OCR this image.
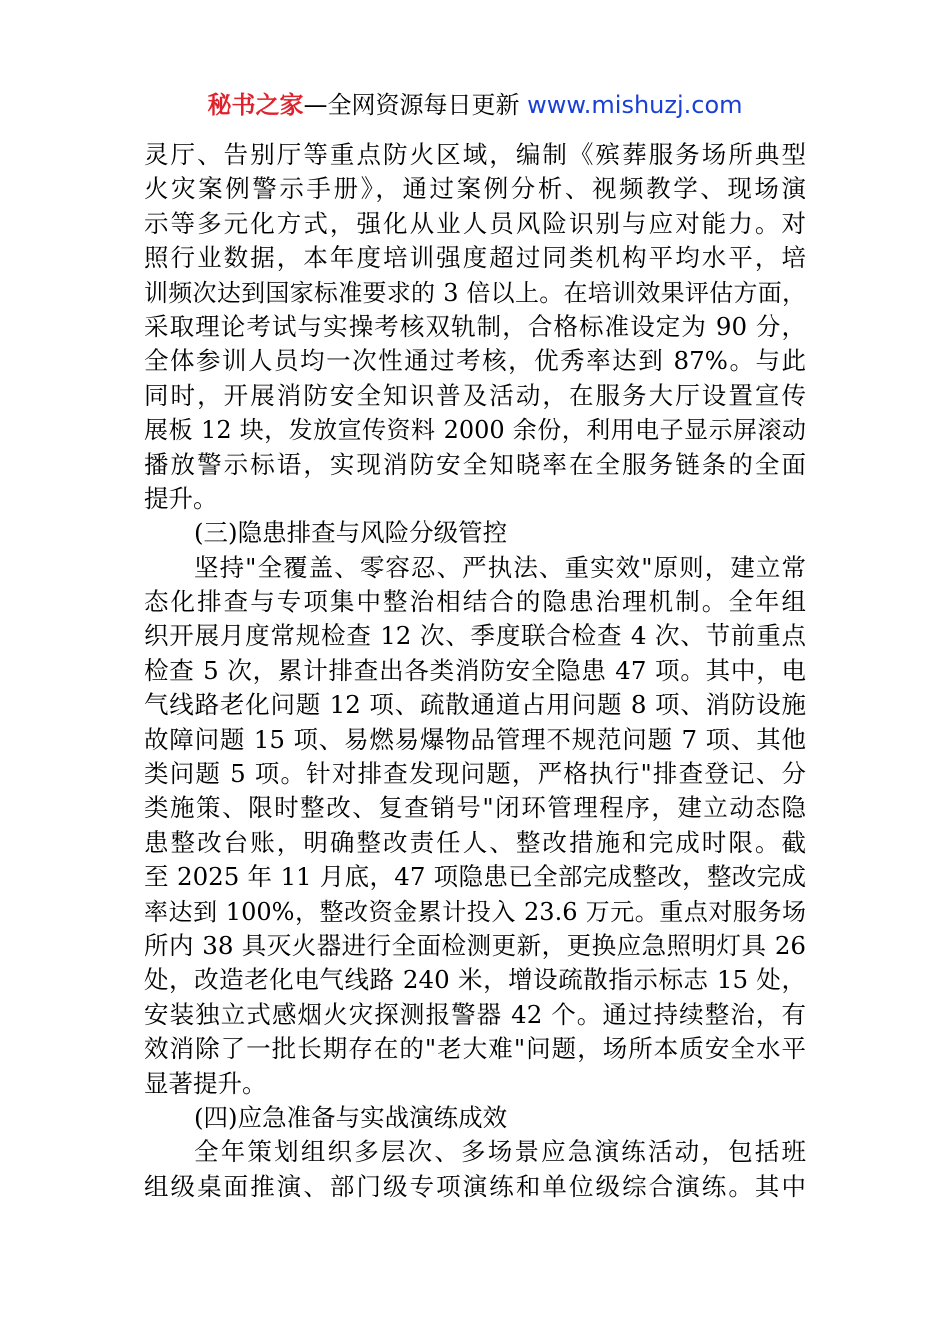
秘书之家—全网资源每日更新 www.mishuzj.com
灵厅、告别厅等重点防火区域，编制《殡葬服务场所典型
火灾案例警示手册》，通过案例分析、视频教学、现场演
示等多元化方式，强化从业人员风险识别与应对能力。对
照行业数据，本年度培训强度超过同类机构平均水平，培
训频次达到国家标准要求的 3 倍以上。在培训效果评估方面，
采取理论考试与实操考核双轨制，合格标准设定为 90 分，
全体参训人员均一次性通过考核，优秀率达到 87%。与此
同时，开展消防安全知识普及活动，在服务大厅设置宣传
展板 12 块，发放宣传资料 2000 余份，利用电子显示屏滚动
播放警示标语，实现消防安全知晓率在全服务链条的全面
提升。
(三)隐患排查与风险分级管控
坚持"全覆盖、零容忍、严执法、重实效"原则，建立常
态化排查与专项集中整治相结合的隐患治理机制。全年组
织开展月度常规检查 12 次、季度联合检查 4 次、节前重点
检查 5 次，累计排查出各类消防安全隐患 47 项。其中，电
气线路老化问题 12 项、疏散通道占用问题 8 项、消防设施
故障问题 15 项、易燃易爆物品管理不规范问题 7 项、其他
类问题 5 项。针对排查发现问题，严格执行"排查登记、分
类施策、限时整改、复查销号"闭环管理程序，建立动态隐
患整改台账，明确整改责任人、整改措施和完成时限。截
至 2025 年 11 月底，47 项隐患已全部完成整改，整改完成
率达到 100%，整改资金累计投入 23.6 万元。重点对服务场
所内 38 具灭火器进行全面检测更新，更换应急照明灯具 26
处，改造老化电气线路 240 米，增设疏散指示标志 15 处，
安装独立式感烟火灾探测报警器 42 个。通过持续整治，有
效消除了一批长期存在的"老大难"问题，场所本质安全水平
显著提升。
(四)应急准备与实战演练成效
全年策划组织多层次、多场景应急演练活动，包括班
组级桌面推演、部门级专项演练和单位级综合演练。其中
